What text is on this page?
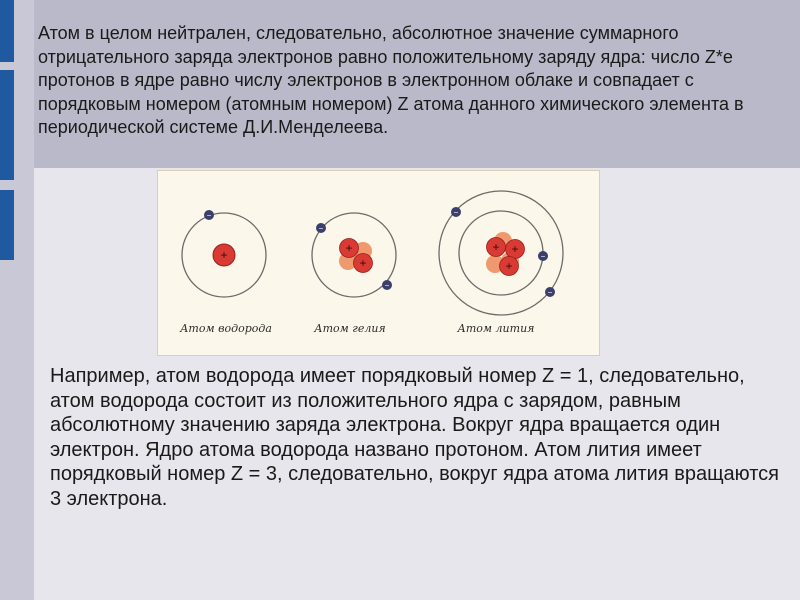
Атом в целом нейтрален, следовательно, абсолютное значение суммарного отрицательного заряда электронов равно положительному заряду ядра: число Z*e протонов в ядре равно числу электронов в электронном облаке и совпадает с порядковым номером (атомным номером) Z атома данного химического элемента в периодической системе Д.И.Менделеева.

+
−
Атом водорода
+
+
−
−
Атом гелия
+ +
+
−
−
−
Атом лития

Например, атом водорода имеет порядковый номер Z = 1, следовательно, атом водорода состоит из положительного ядра с зарядом, равным абсолютному значению заряда электрона. Вокруг ядра вращается один электрон. Ядро атома водорода названо протоном. Атом лития имеет порядковый номер Z = 3, следовательно, вокруг ядра атома лития вращаются 3 электрона.
